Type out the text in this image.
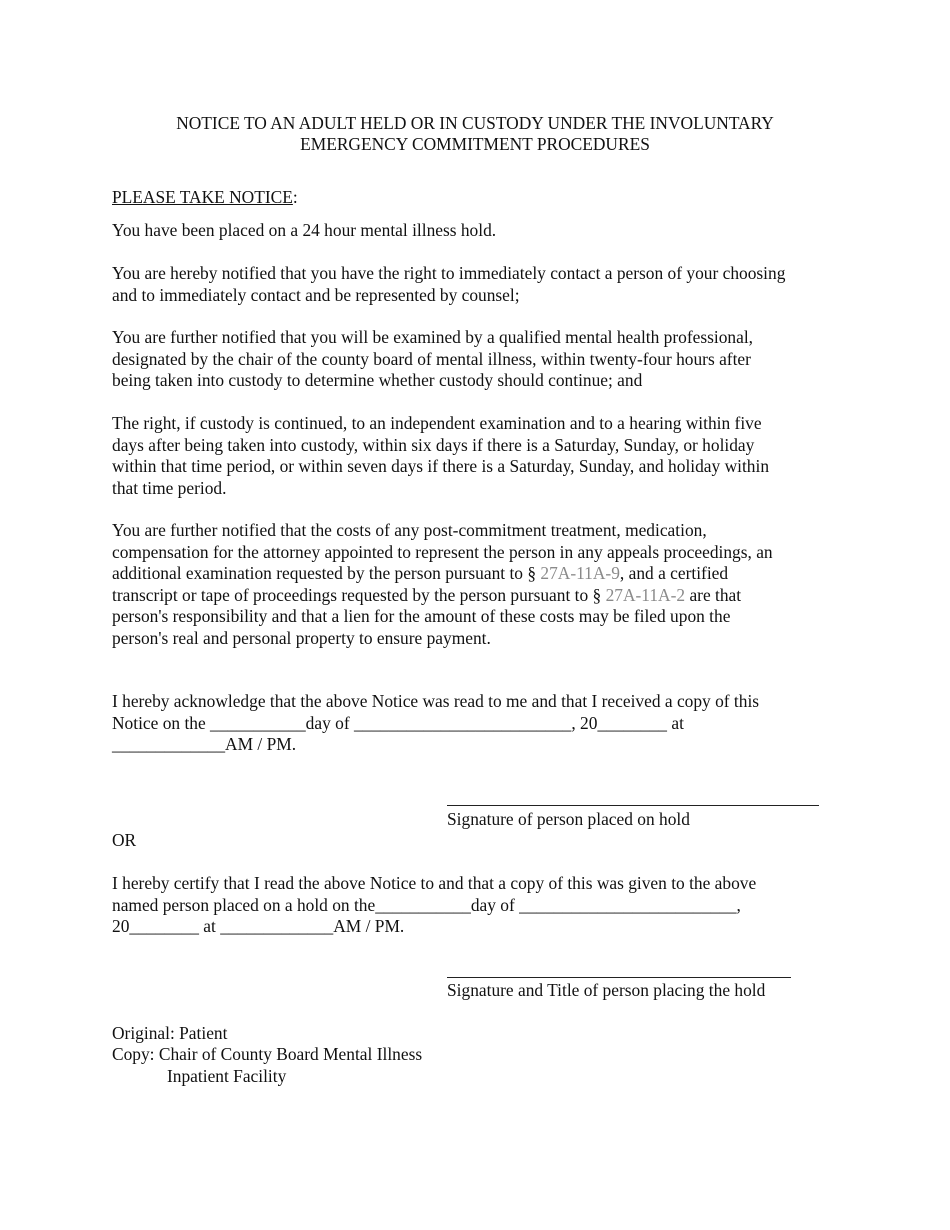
NOTICE TO AN ADULT HELD OR IN CUSTODY UNDER THE INVOLUNTARY
EMERGENCY COMMITMENT PROCEDURES
PLEASE TAKE NOTICE:
You have been placed on a 24 hour mental illness hold.
You are hereby notified that you have the right to immediately contact a person of your choosing
and to immediately contact and be represented by counsel;
You are further notified that you will be examined by a qualified mental health professional,
designated by the chair of the county board of mental illness, within twenty-four hours after
being taken into custody to determine whether custody should continue; and
The right, if custody is continued, to an independent examination and to a hearing within five
days after being taken into custody, within six days if there is a Saturday, Sunday, or holiday
within that time period, or within seven days if there is a Saturday, Sunday, and holiday within
that time period.
You are further notified that the costs of any post-commitment treatment, medication,
compensation for the attorney appointed to represent the person in any appeals proceedings, an
additional examination requested by the person pursuant to § 27A-11A-9, and a certified
transcript or tape of proceedings requested by the person pursuant to § 27A-11A-2 are that
person's responsibility and that a lien for the amount of these costs may be filed upon the
person's real and personal property to ensure payment.
I hereby acknowledge that the above Notice was read to me and that I received a copy of this
Notice on the ___________day of _________________________, 20________ at
_____________AM / PM.
Signature of person placed on hold
OR
I hereby certify that I read the above Notice to and that a copy of this was given to the above
named person placed on a hold on the___________day of _________________________,
20________ at _____________AM / PM.
Signature and Title of person placing the hold
Original: Patient
Copy: Chair of County Board Mental Illness
Inpatient Facility
